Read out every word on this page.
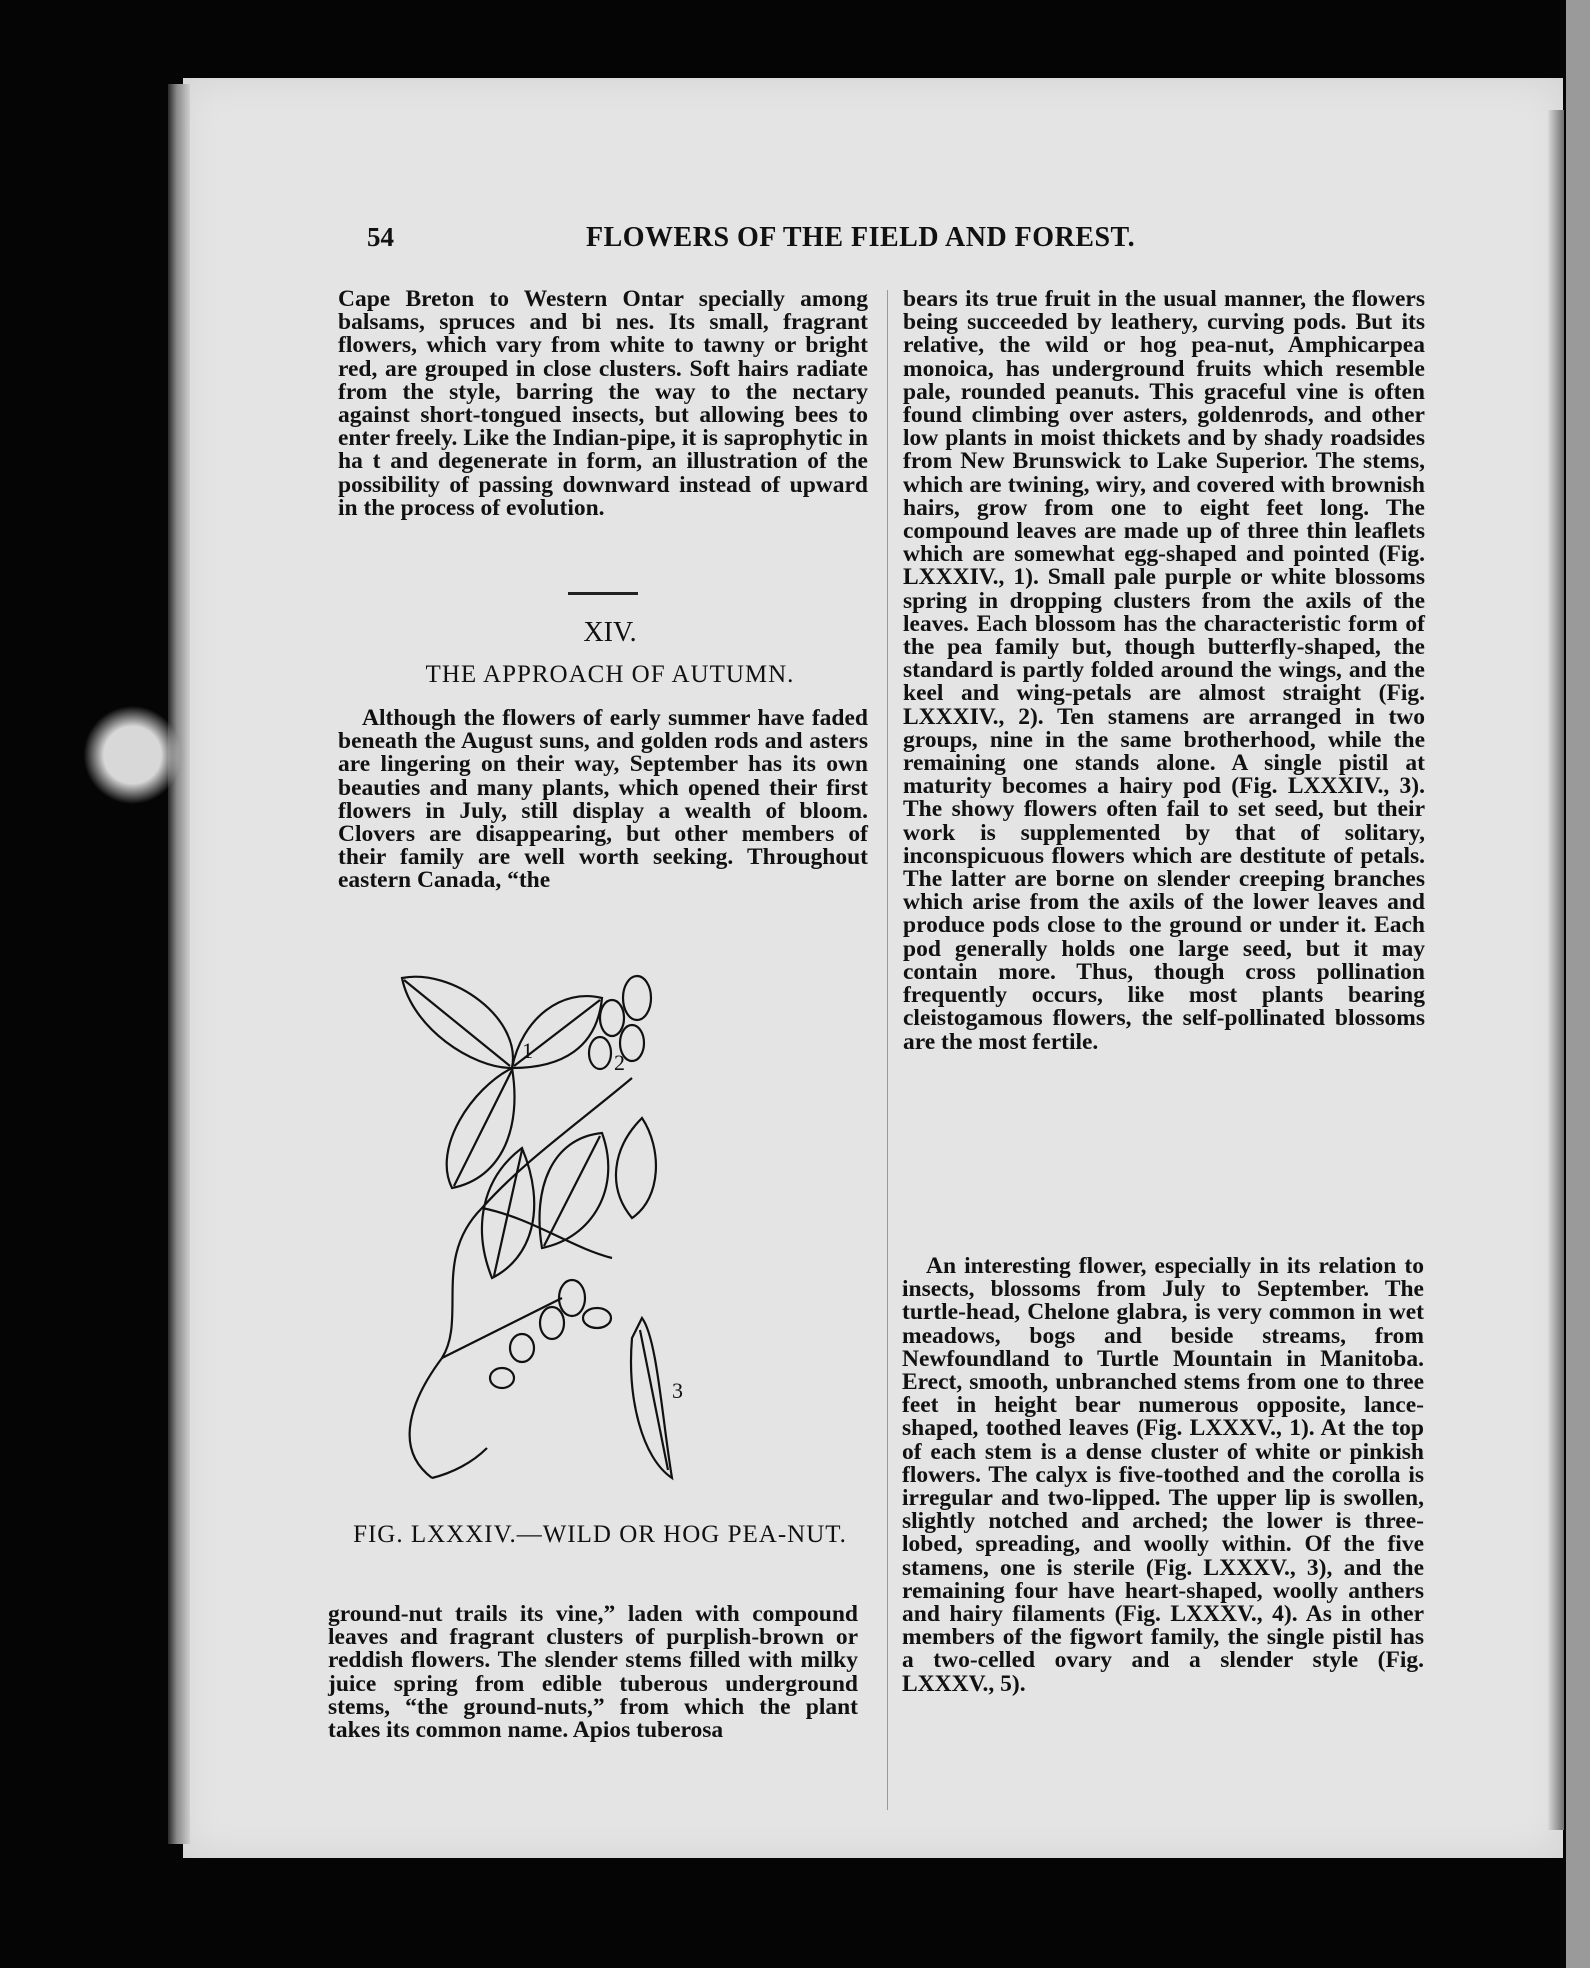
54	FLOWERS OF THE FIELD AND FOREST.

Cape Breton to Western Ontar specially among balsams, spruces and bi nes. Its small, fragrant flowers, which vary from white to tawny or bright red, are grouped in close clusters. Soft hairs radiate from the style, barring the way to the nectary against short-tongued insects, but allowing bees to enter freely. Like the Indian-pipe, it is saprophytic in ha t and degenerate in form, an illustration of the possibility of passing downward instead of upward in the process of evolution.

XIV.
THE APPROACH OF AUTUMN.

Although the flowers of early summer have faded beneath the August suns, and golden rods and asters are lingering on their way, September has its own beauties and many plants, which opened their first flowers in July, still display a wealth of bloom. Clovers are disappearing, but other members of their family are well worth seeking. Throughout eastern Canada, “the

1	2
3
FIG. LXXXIV.—WILD OR HOG PEA-NUT.

ground-nut trails its vine,” laden with compound leaves and fragrant clusters of purplish-brown or reddish flowers. The slender stems filled with milky juice spring from edible tuberous underground stems, “the ground-nuts,” from which the plant takes its common name. Apios tuberosa

bears its true fruit in the usual manner, the flowers being succeeded by leathery, curving pods. But its relative, the wild or hog pea-nut, Amphicarpea monoica, has underground fruits which resemble pale, rounded peanuts. This graceful vine is often found climbing over asters, goldenrods, and other low plants in moist thickets and by shady roadsides from New Brunswick to Lake Superior. The stems, which are twining, wiry, and covered with brownish hairs, grow from one to eight feet long. The compound leaves are made up of three thin leaflets which are somewhat egg-shaped and pointed (Fig. LXXXIV., 1). Small pale purple or white blossoms spring in dropping clusters from the axils of the leaves. Each blossom has the characteristic form of the pea family but, though butterfly-shaped, the standard is partly folded around the wings, and the keel and wing-petals are almost straight (Fig. LXXXIV., 2). Ten stamens are arranged in two groups, nine in the same brotherhood, while the remaining one stands alone. A single pistil at maturity becomes a hairy pod (Fig. LXXXIV., 3). The showy flowers often fail to set seed, but their work is supplemented by that of solitary, inconspicuous flowers which are destitute of petals. The latter are borne on slender creeping branches which arise from the axils of the lower leaves and produce pods close to the ground or under it. Each pod generally holds one large seed, but it may contain more. Thus, though cross pollination frequently occurs, like most plants bearing cleistogamous flowers, the self-pollinated blossoms are the most fertile.

An interesting flower, especially in its relation to insects, blossoms from July to September. The turtle-head, Chelone glabra, is very common in wet meadows, bogs and beside streams, from Newfoundland to Turtle Mountain in Manitoba. Erect, smooth, unbranched stems from one to three feet in height bear numerous opposite, lance-shaped, toothed leaves (Fig. LXXXV., 1). At the top of each stem is a dense cluster of white or pinkish flowers. The calyx is five-toothed and the corolla is irregular and two-lipped. The upper lip is swollen, slightly notched and arched; the lower is three-lobed, spreading, and woolly within. Of the five stamens, one is sterile (Fig. LXXXV., 3), and the remaining four have heart-shaped, woolly anthers and hairy filaments (Fig. LXXXV., 4). As in other members of the figwort family, the single pistil has a two-celled ovary and a slender style (Fig. LXXXV., 5).
